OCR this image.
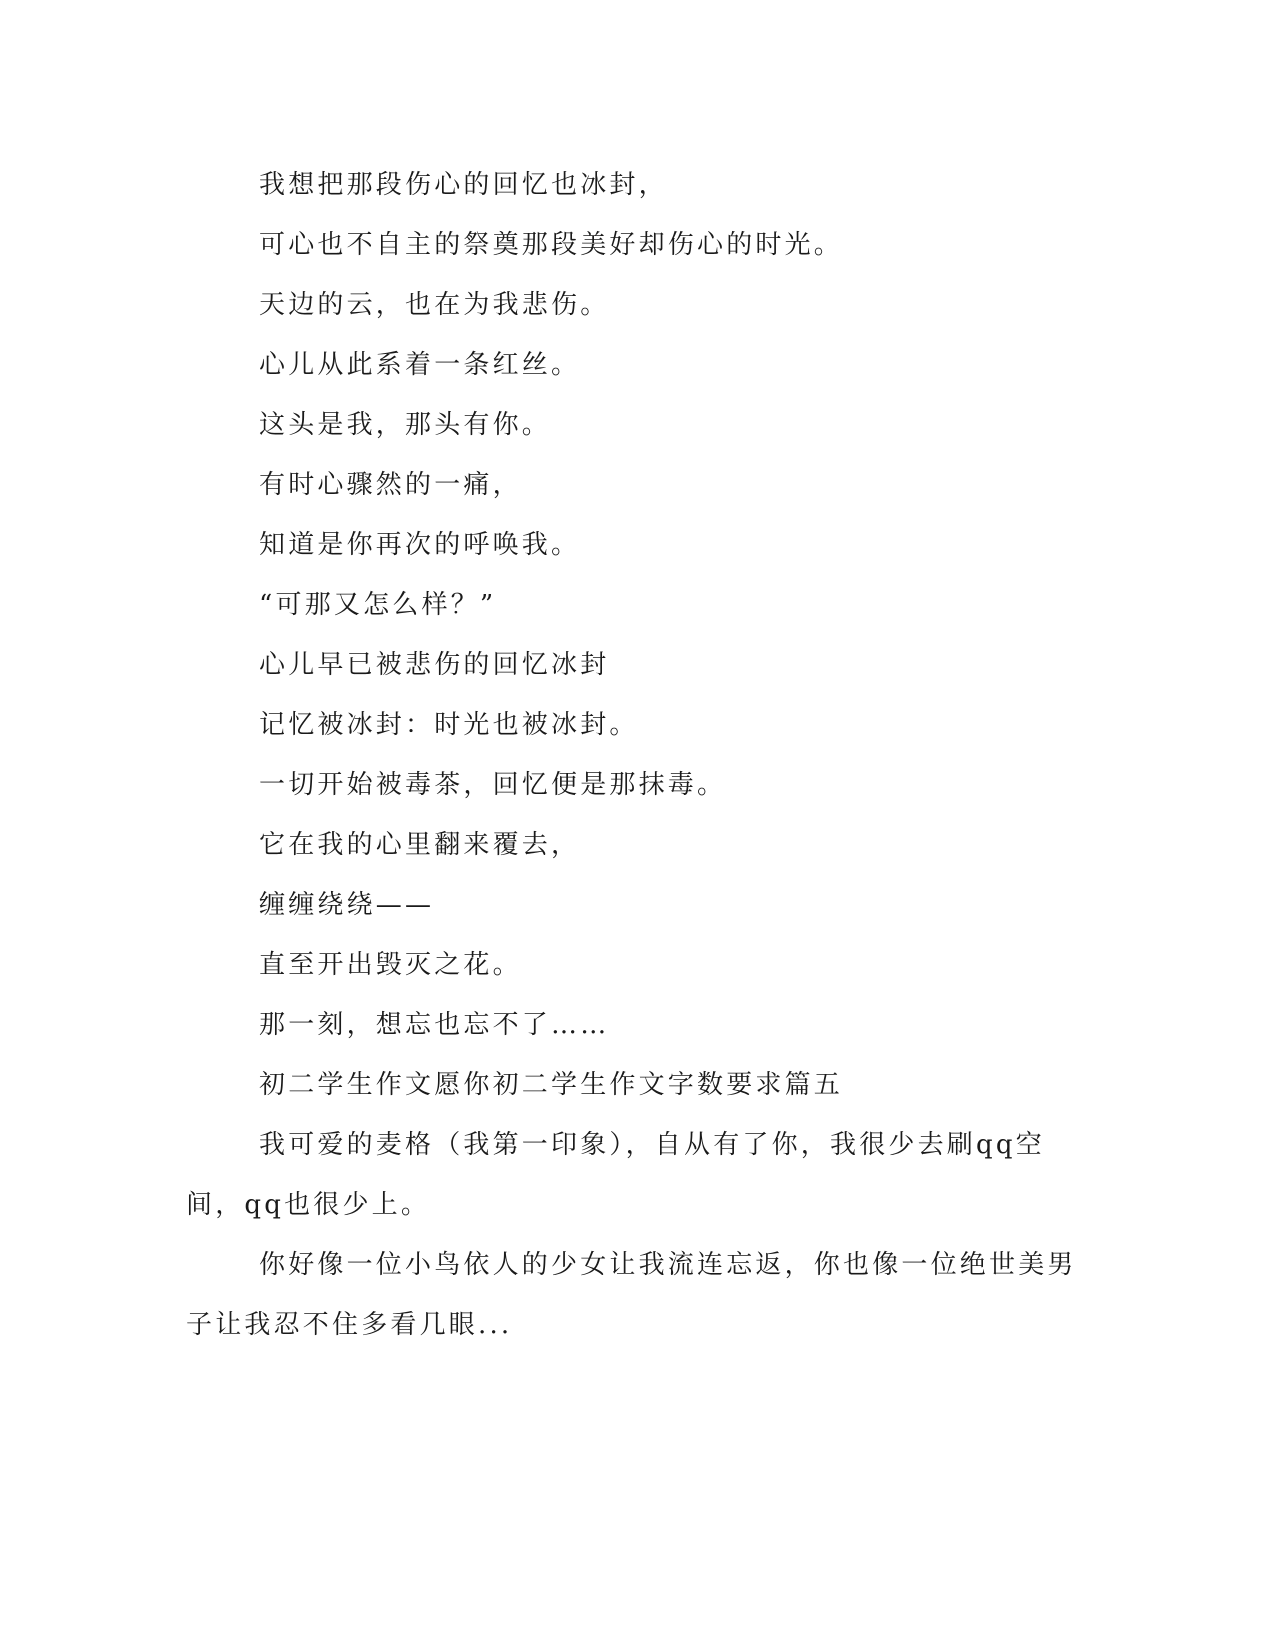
我想把那段伤心的回忆也冰封，
可心也不自主的祭奠那段美好却伤心的时光。
天边的云，也在为我悲伤。
心儿从此系着一条红丝。
这头是我，那头有你。
有时心骤然的一痛，
知道是你再次的呼唤我。
“可那又怎么样？”
心儿早已被悲伤的回忆冰封
记忆被冰封：时光也被冰封。
一切开始被毒茶，回忆便是那抹毒。
它在我的心里翻来覆去，
缠缠绕绕——
直至开出毁灭之花。
那一刻，想忘也忘不了……
初二学生作文愿你初二学生作文字数要求篇五
我可爱的麦格（我第一印象），自从有了你，我很少去刷qq空
间，qq也很少上。
你好像一位小鸟依人的少女让我流连忘返，你也像一位绝世美男
子让我忍不住多看几眼...
